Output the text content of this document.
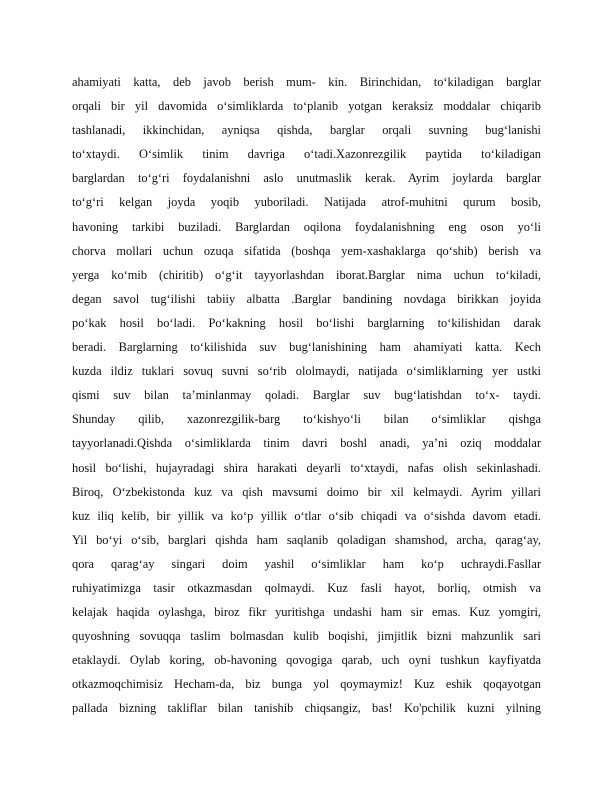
ahamiyati katta, deb javob berish mum- kin. Birinchidan, to‘kiladigan barglar
orqali bir yil davomida o‘simliklarda to‘planib yotgan keraksiz moddalar chiqarib
tashlanadi, ikkinchidan, ayniqsa qishda, barglar orqali suvning bug‘lanishi
to‘xtaydi. O‘simlik tinim davriga o‘tadi.Xazonrezgilik paytida to‘kiladigan
barglardan to‘g‘ri foydalanishni aslo unutmaslik kerak. Ayrim joylarda barglar
to‘g‘ri kelgan joyda yoqib yuboriladi. Natijada atrof-muhitni qurum bosib,
havoning tarkibi buziladi. Barglardan oqilona foydalanishning eng oson yo‘li
chorva mollari uchun ozuqa sifatida (boshqa yem-xashaklarga qo‘shib) berish va
yerga ko‘mib (chiritib) o‘g‘it tayyorlashdan iborat.Barglar nima uchun to‘kiladi,
degan savol tug‘ilishi tabiiy albatta .Barglar bandining novdaga birikkan joyida
po‘kak hosil bo‘ladi. Po‘kakning hosil bo‘lishi barglarning to‘kilishidan darak
beradi. Barglarning to‘kilishida suv bug‘lanishining ham ahamiyati katta. Kech
kuzda ildiz tuklari sovuq suvni so‘rib ololmaydi, natijada o‘simliklarning yer ustki
qismi suv bilan ta’minlanmay qoladi. Barglar suv bug‘latishdan to‘x- taydi.
Shunday qilib, xazonrezgilik-barg to‘kishyo‘li bilan o‘simliklar qishga
tayyorlanadi.Qishda o‘simliklarda tinim davri boshl anadi, ya’ni oziq moddalar
hosil bo‘lishi, hujayradagi shira harakati deyarli to‘xtaydi, nafas olish sekinlashadi.
Biroq, O‘zbekistonda kuz va qish mavsumi doimo bir xil kelmaydi. Ayrim yillari
kuz iliq kelib, bir yillik va ko‘p yillik o‘tlar o‘sib chiqadi va o‘sishda davom etadi.
Yil bo‘yi o‘sib, barglari qishda ham saqlanib qoladigan shamshod, archa, qarag‘ay,
qora qarag‘ay singari doim yashil o‘simliklar ham ko‘p uchraydi.Fasllar
ruhiyatimizga tasir otkazmasdan qolmaydi. Kuz fasli hayot, borliq, otmish va
kelajak haqida oylashga, biroz fikr yuritishga undashi ham sir emas. Kuz yomgiri,
quyoshning sovuqqa taslim bolmasdan kulib boqishi, jimjitlik bizni mahzunlik sari
etaklaydi. Oylab koring, ob-havoning qovogiga qarab, uch oyni tushkun kayfiyatda
otkazmoqchimisiz Hecham-da, biz bunga yol qoymaymiz! Kuz eshik qoqayotgan
pallada bizning takliflar bilan tanishib chiqsangiz, bas! Ko'pchilik kuzni yilning
